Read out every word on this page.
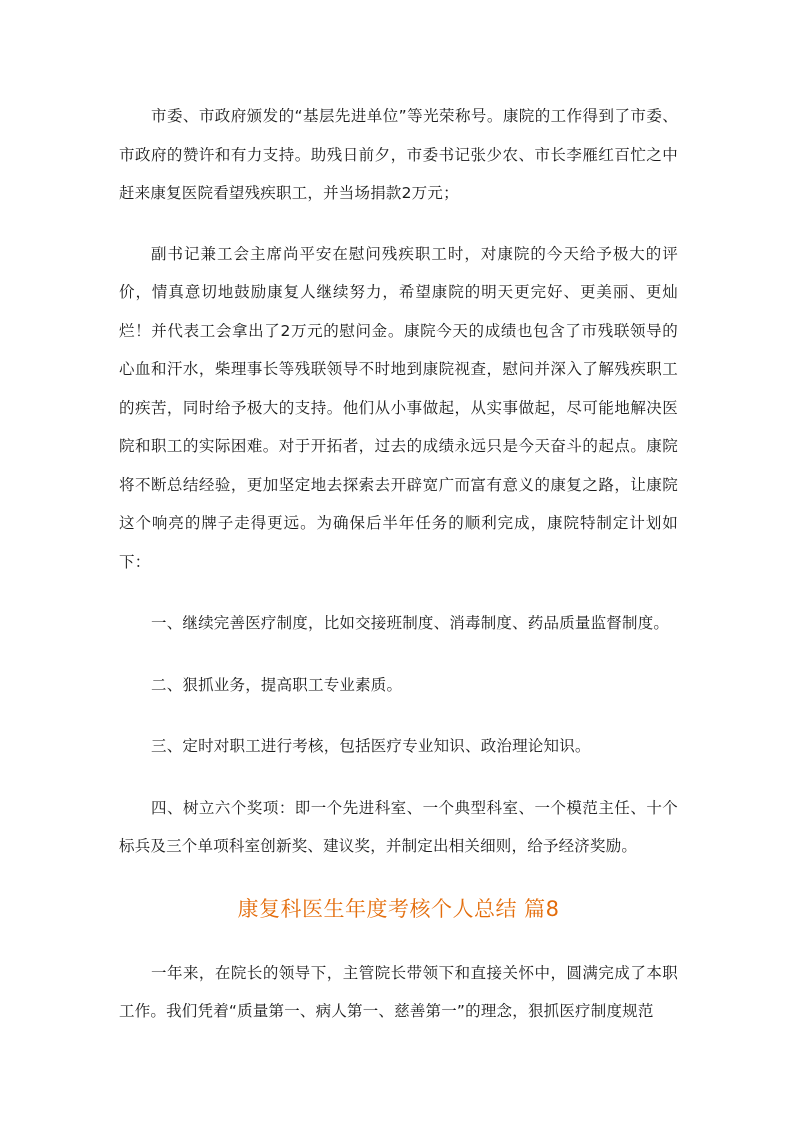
市委、市政府颁发的“基层先进单位”等光荣称号。康院的工作得到了市委、市政府的赞许和有力支持。助残日前夕，市委书记张少农、市长李雁红百忙之中赶来康复医院看望残疾职工，并当场捐款2万元；

副书记兼工会主席尚平安在慰问残疾职工时，对康院的今天给予极大的评价，情真意切地鼓励康复人继续努力，希望康院的明天更完好、更美丽、更灿烂！并代表工会拿出了2万元的慰问金。康院今天的成绩也包含了市残联领导的心血和汗水，柴理事长等残联领导不时地到康院视查，慰问并深入了解残疾职工的疾苦，同时给予极大的支持。他们从小事做起，从实事做起，尽可能地解决医院和职工的实际困难。对于开拓者，过去的成绩永远只是今天奋斗的起点。康院将不断总结经验，更加坚定地去探索去开辟宽广而富有意义的康复之路，让康院这个响亮的牌子走得更远。为确保后半年任务的顺利完成，康院特制定计划如下：

一、继续完善医疗制度，比如交接班制度、消毒制度、药品质量监督制度。

二、狠抓业务，提高职工专业素质。

三、定时对职工进行考核，包括医疗专业知识、政治理论知识。

四、树立六个奖项：即一个先进科室、一个典型科室、一个模范主任、十个标兵及三个单项科室创新奖、建议奖，并制定出相关细则，给予经济奖励。

康复科医生年度考核个人总结 篇8

一年来，在院长的领导下，主管院长带领下和直接关怀中，圆满完成了本职工作。我们凭着“质量第一、病人第一、慈善第一”的理念，狠抓医疗制度规范
